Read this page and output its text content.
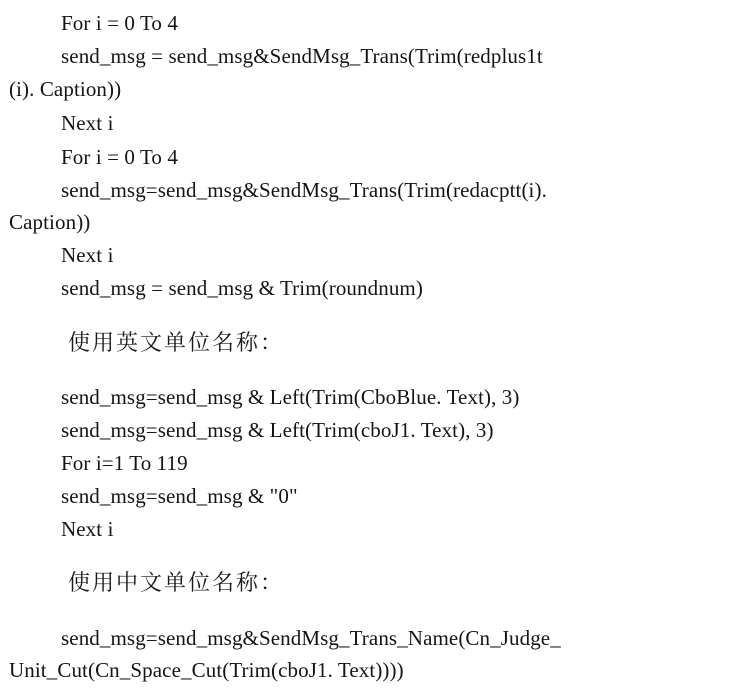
For i = 0 To 4
send_msg = send_msg&SendMsg_Trans(Trim(redplus1t
(i). Caption))
Next i
For i = 0 To 4
send_msg=send_msg&SendMsg_Trans(Trim(redacptt(i).
Caption))
Next i
send_msg = send_msg & Trim(roundnum)
使用英文单位名称：
send_msg=send_msg & Left(Trim(CboBlue. Text), 3)
send_msg=send_msg & Left(Trim(cboJ1. Text), 3)
For i=1 To 119
send_msg=send_msg & "0"
Next i
使用中文单位名称：
send_msg=send_msg&SendMsg_Trans_Name(Cn_Judge_
Unit_Cut(Cn_Space_Cut(Trim(cboJ1. Text))))
